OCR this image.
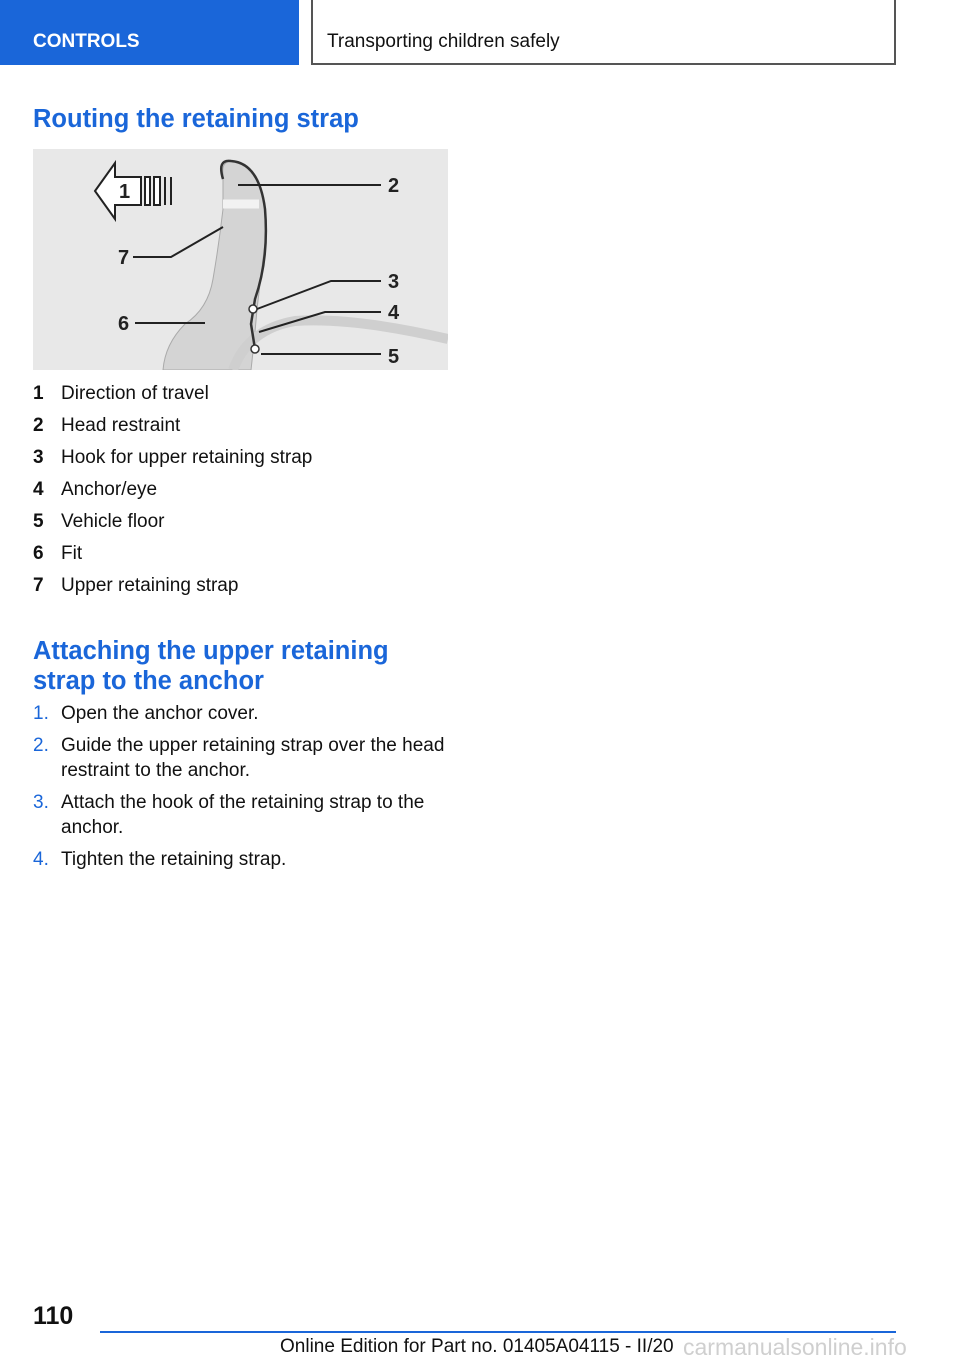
CONTROLS	Transporting children safely
Routing the retaining strap
1	2
3
4
5
6
7
1 Direction of travel
2 Head restraint
3 Hook for upper retaining strap
4 Anchor/eye
5 Vehicle floor
6 Fit
7 Upper retaining strap
Attaching the upper retaining
strap to the anchor
1. Open the anchor cover.
2. Guide the upper retaining strap over the head restraint to the anchor.
3. Attach the hook of the retaining strap to the anchor.
4. Tighten the retaining strap.
110
Online Edition for Part no. 01405A04115 - II/20 carmanualsonline.info
